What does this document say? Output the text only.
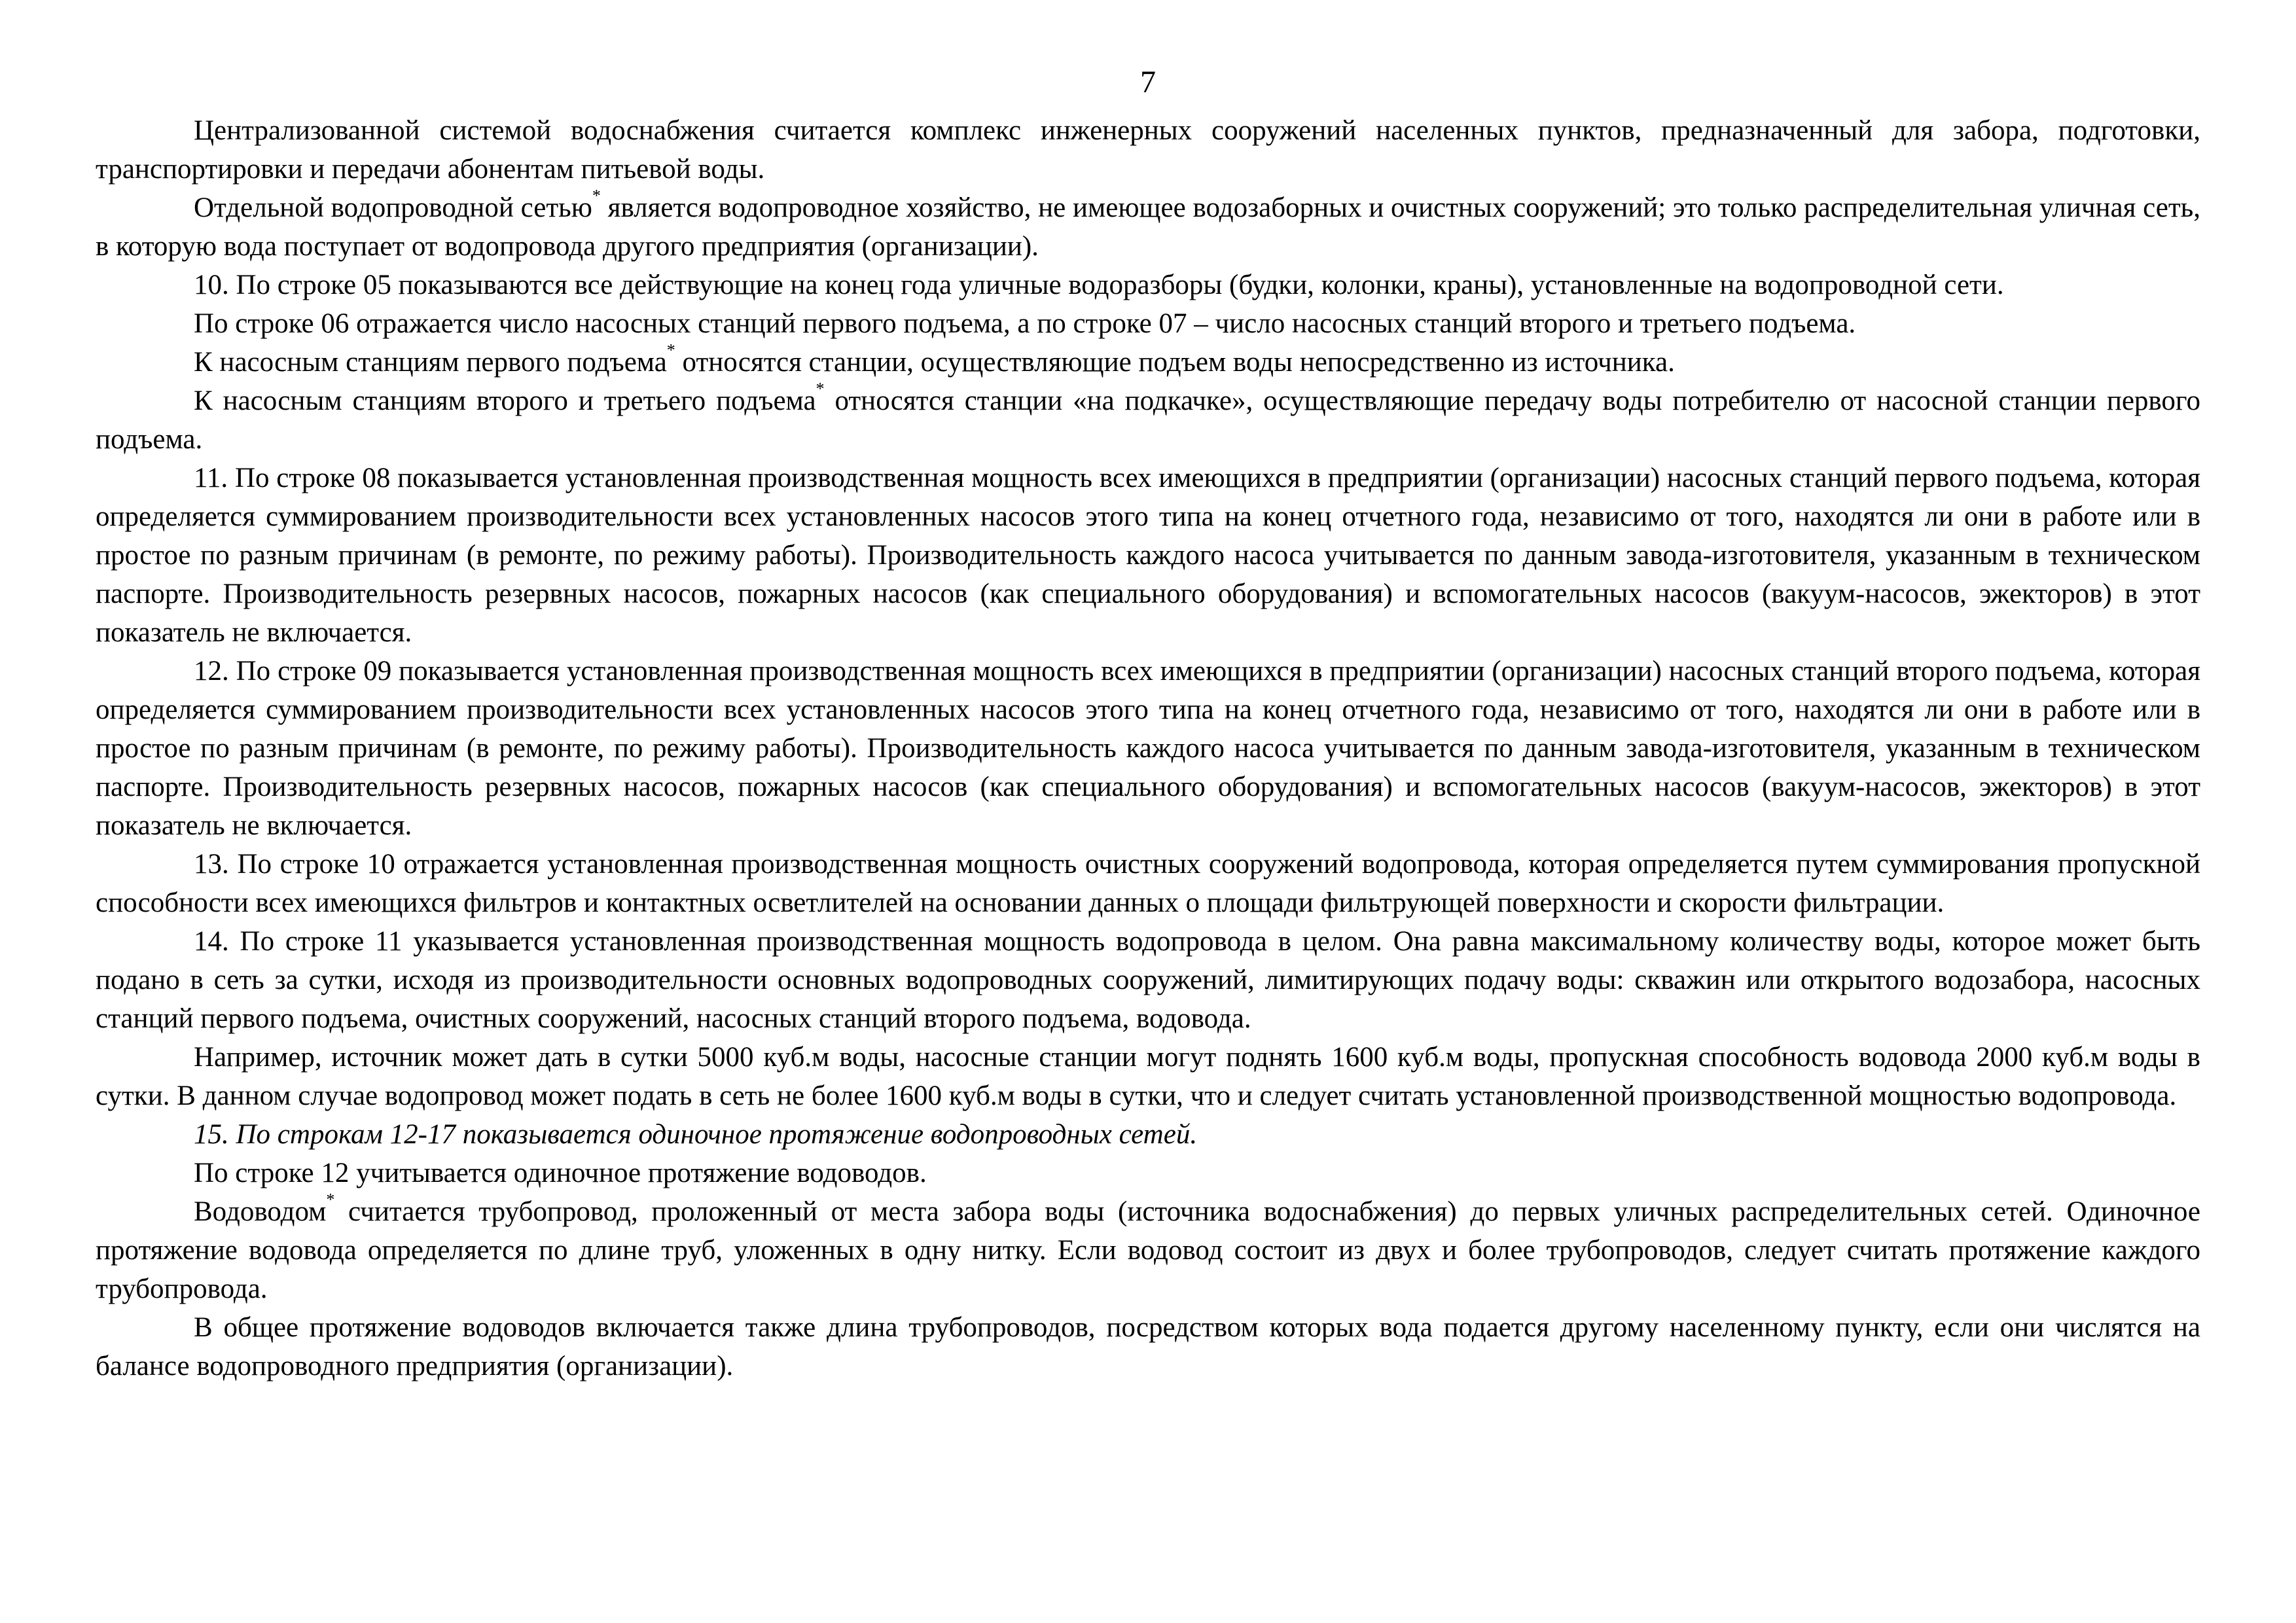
7

Централизованной системой водоснабжения считается комплекс инженерных сооружений населенных пунктов, предназначенный для забора, подготовки, транспортировки и передачи абонентам питьевой воды.

Отдельной водопроводной сетью* является водопроводное хозяйство, не имеющее водозаборных и очистных сооружений; это только распределительная уличная сеть, в которую вода поступает от водопровода другого предприятия (организации).

10. По строке 05 показываются все действующие на конец года уличные водоразборы (будки, колонки, краны), установленные на водопроводной сети.

По строке 06 отражается число насосных станций первого подъема, а по строке 07 – число насосных станций второго и третьего подъема.

К насосным станциям первого подъема* относятся станции, осуществляющие подъем воды непосредственно из источника.

К насосным станциям второго и третьего подъема* относятся станции «на подкачке», осуществляющие передачу воды потребителю от насосной станции первого подъема.

11. По строке 08 показывается установленная производственная мощность всех имеющихся в предприятии (организации) насосных станций первого подъема, которая определяется суммированием производительности всех установленных насосов этого типа на конец отчетного года, независимо от того, находятся ли они в работе или в простое по разным причинам (в ремонте, по режиму работы). Производительность каждого насоса учитывается по данным завода-изготовителя, указанным в техническом паспорте. Производительность резервных насосов, пожарных насосов (как специального оборудования) и вспомогательных насосов (вакуум-насосов, эжекторов) в этот показатель не включается.

12. По строке 09 показывается установленная производственная мощность всех имеющихся в предприятии (организации) насосных станций второго подъема, которая определяется суммированием производительности всех установленных насосов этого типа на конец отчетного года, независимо от того, находятся ли они в работе или в простое по разным причинам (в ремонте, по режиму работы). Производительность каждого насоса учитывается по данным завода-изготовителя, указанным в техническом паспорте. Производительность резервных насосов, пожарных насосов (как специального оборудования) и вспомогательных насосов (вакуум-насосов, эжекторов) в этот показатель не включается.

13. По строке 10 отражается установленная производственная мощность очистных сооружений водопровода, которая определяется путем суммирования пропускной способности всех имеющихся фильтров и контактных осветлителей на основании данных о площади фильтрующей поверхности и скорости фильтрации.

14. По строке 11 указывается установленная производственная мощность водопровода в целом. Она равна максимальному количеству воды, которое может быть подано в сеть за сутки, исходя из производительности основных водопроводных сооружений, лимитирующих подачу воды: скважин или открытого водозабора, насосных станций первого подъема, очистных сооружений, насосных станций второго подъема, водовода.

Например, источник может дать в сутки 5000 куб.м воды, насосные станции могут поднять 1600 куб.м воды, пропускная способность водовода 2000 куб.м воды в сутки. В данном случае водопровод может подать в сеть не более 1600 куб.м воды в сутки, что и следует считать установленной производственной мощностью водопровода.

15. По строкам 12-17 показывается одиночное протяжение водопроводных сетей.

По строке 12 учитывается одиночное протяжение водоводов.

Водоводом* считается трубопровод, проложенный от места забора воды (источника водоснабжения) до первых уличных распределительных сетей. Одиночное протяжение водовода определяется по длине труб, уложенных в одну нитку. Если водовод состоит из двух и более трубопроводов, следует считать протяжение каждого трубопровода.

В общее протяжение водоводов включается также длина трубопроводов, посредством которых вода подается другому населенному пункту, если они числятся на балансе водопроводного предприятия (организации).
